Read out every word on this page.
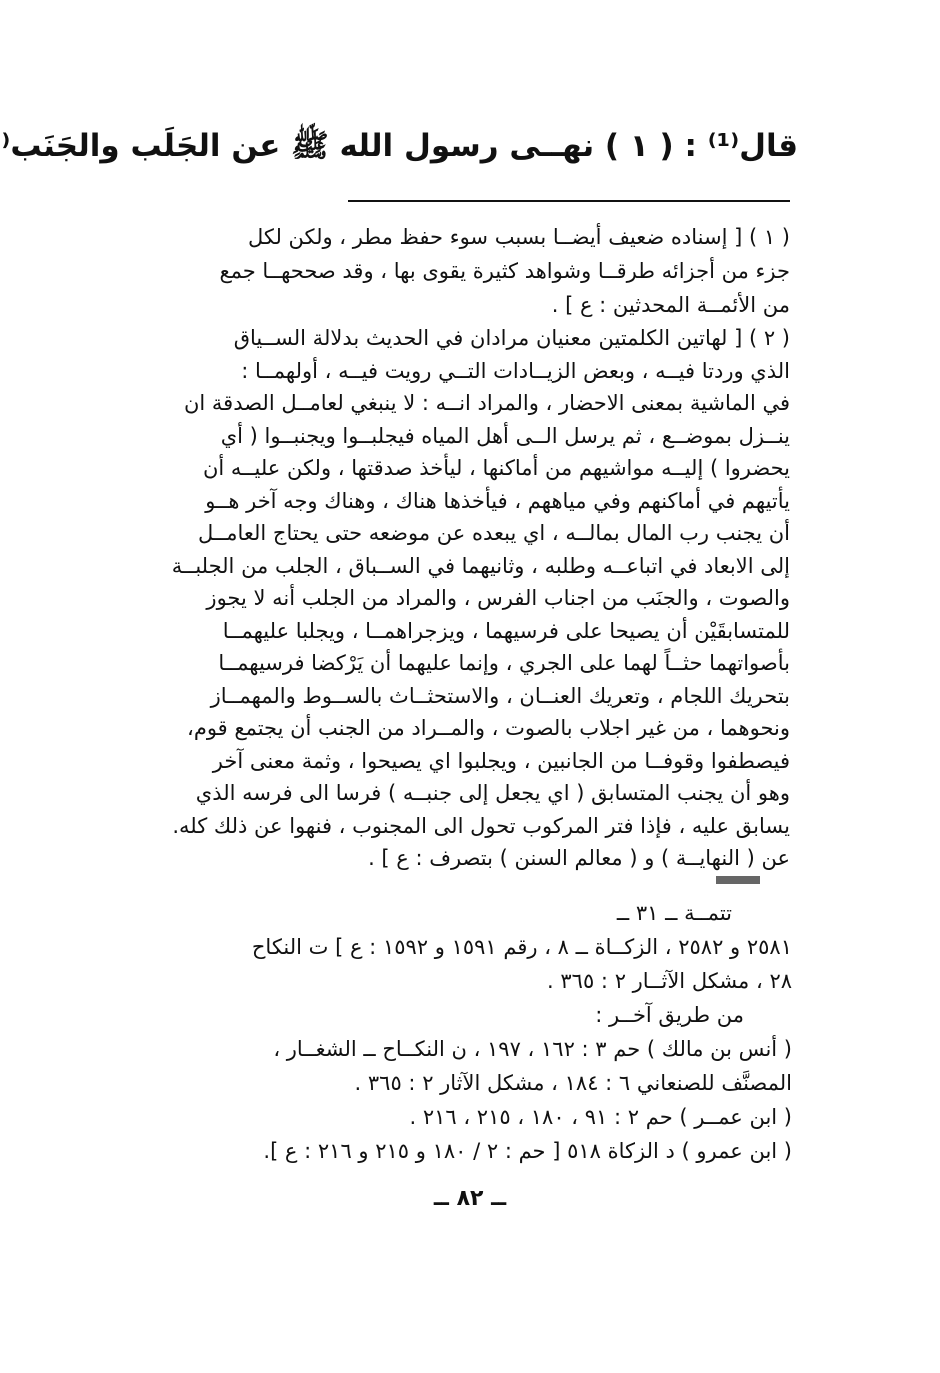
قال⁽¹⁾ : ( ١ ) نهــى رسول الله ﷺ عن الجَلَب والجَنَب⁽
( ١ ) [ إسناده ضعيف أيضــا بسبب سوء حفظ مطر ، ولكن لكل
جزء من أجزائه طرقــا وشواهد كثيرة يقوى بها ، وقد صححهــا جمع
من الأئمــة المحدثين : ع ] .
( ٢ ) [ لهاتين الكلمتين معنيان مرادان في الحديث بدلالة الســياق
الذي وردتا فيــه ، وبعض الزيــادات التــي رويت فيــه ، أولهمــا :
في الماشية بمعنى الاحضار ، والمراد انــه : لا ينبغي لعامــل الصدقة ان
ينــزل بموضــع ، ثم يرسل الــى أهل المياه فيجلبــوا ويجنبــوا ( أي
يحضروا ) إليــه مواشيهم من أماكنها ، ليأخذ صدقتها ، ولكن عليــه أن
يأتيهم في أماكنهم وفي مياههم ، فيأخذها هناك ، وهناك وجه آخر هــو
أن يجنب رب المال بمالــه ، اي يبعده عن موضعه حتى يحتاج العامــل
إلى الابعاد في اتباعــه وطلبه ، وثانيهما في الســباق ، الجلب من الجلبــة
والصوت ، والجنَب من اجناب الفرس ، والمراد من الجلب أنه لا يجوز
للمتسابقَيْن أن يصيحا على فرسيهما ، ويزجراهمــا ، ويجلبا عليهمــا
بأصواتهما حثــاً لهما على الجري ، وإنما عليهما أن يَرْكضا فرسيهمــا
بتحريك اللجام ، وتعريك العنــان ، والاستحثــاث بالســوط والمهمــاز
ونحوهما ، من غير اجلاب بالصوت ، والمــراد من الجنب أن يجتمع قوم،
فيصطفوا وقوفــا من الجانبين ، ويجلبوا اي يصيحوا ، وثمة معنى آخر
وهو أن يجنب المتسابق ( اي يجعل إلى جنبــه ) فرسا الى فرسه الذي
يسابق عليه ، فإذا فتر المركوب تحول الى المجنوب ، فنهوا عن ذلك كله.
عن ( النهايــة ) و ( معالم السنن ) بتصرف : ع ] .
تتمــة ــ ٣١ ــ
٢٥٨١ و ٢٥٨٢ ، الزكــاة ــ ٨ ، رقم ١٥٩١ و ١٥٩٢ : ع ] ت النكاح
٢٨ ، مشكل الآثــار ٢ : ٣٦٥ .
من طريق آخــر :
( أنس بن مالك ) حم ٣ : ١٦٢ ، ١٩٧ ، ن النكــاح ــ الشغــار ،
المصنَّف للصنعاني ٦ : ١٨٤ ، مشكل الآثار ٢ : ٣٦٥ .
( ابن عمــر ) حم ٢ : ٩١ ، ١٨٠ ، ٢١٥ ، ٢١٦ .
( ابن عمرو ) د الزكاة ٥١٨ [ حم : ٢ / ١٨٠ و ٢١٥ و ٢١٦ : ع ].
ــ ٨٢ ــ
